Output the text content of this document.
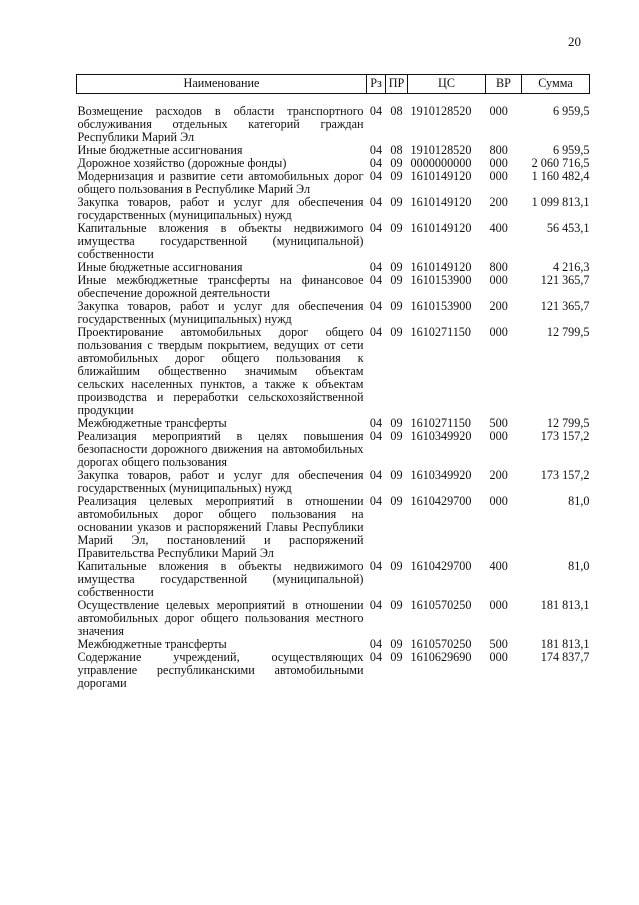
20
Наименование	Рз	ПР	ЦС	ВР	Сумма
Возмещение расходов в области транспортного обслуживания отдельных категорий граждан Республики Марий Эл	04	08	1910128520	000	6 959,5
Иные бюджетные ассигнования	04	08	1910128520	800	6 959,5
Дорожное хозяйство (дорожные фонды)	04	09	0000000000	000	2 060 716,5
Модернизация и развитие сети автомобильных дорог общего пользования в Республике Марий Эл	04	09	1610149120	000	1 160 482,4
Закупка товаров, работ и услуг для обеспечения государственных (муниципальных) нужд	04	09	1610149120	200	1 099 813,1
Капитальные вложения в объекты недвижимого имущества государственной (муниципальной) собственности	04	09	1610149120	400	56 453,1
Иные бюджетные ассигнования	04	09	1610149120	800	4 216,3
Иные межбюджетные трансферты на финансовое обеспечение дорожной деятельности	04	09	1610153900	000	121 365,7
Закупка товаров, работ и услуг для обеспечения государственных (муниципальных) нужд	04	09	1610153900	200	121 365,7
Проектирование автомобильных дорог общего пользования с твердым покрытием, ведущих от сети автомобильных дорог общего пользования к ближайшим общественно значимым объектам сельских населенных пунктов, а также к объектам производства и переработки сельскохозяйственной продукции	04	09	1610271150	000	12 799,5
Межбюджетные трансферты	04	09	1610271150	500	12 799,5
Реализация мероприятий в целях повышения безопасности дорожного движения на автомобильных дорогах общего пользования	04	09	1610349920	000	173 157,2
Закупка товаров, работ и услуг для обеспечения государственных (муниципальных) нужд	04	09	1610349920	200	173 157,2
Реализация целевых мероприятий в отношении автомобильных дорог общего пользования на основании указов и распоряжений Главы Республики Марий Эл, постановлений и распоряжений Правительства Республики Марий Эл	04	09	1610429700	000	81,0
Капитальные вложения в объекты недвижимого имущества государственной (муниципальной) собственности	04	09	1610429700	400	81,0
Осуществление целевых мероприятий в отношении автомобильных дорог общего пользования местного значения	04	09	1610570250	000	181 813,1
Межбюджетные трансферты	04	09	1610570250	500	181 813,1
Содержание учреждений, осуществляющих управление республиканскими автомобильными дорогами	04	09	1610629690	000	174 837,7
